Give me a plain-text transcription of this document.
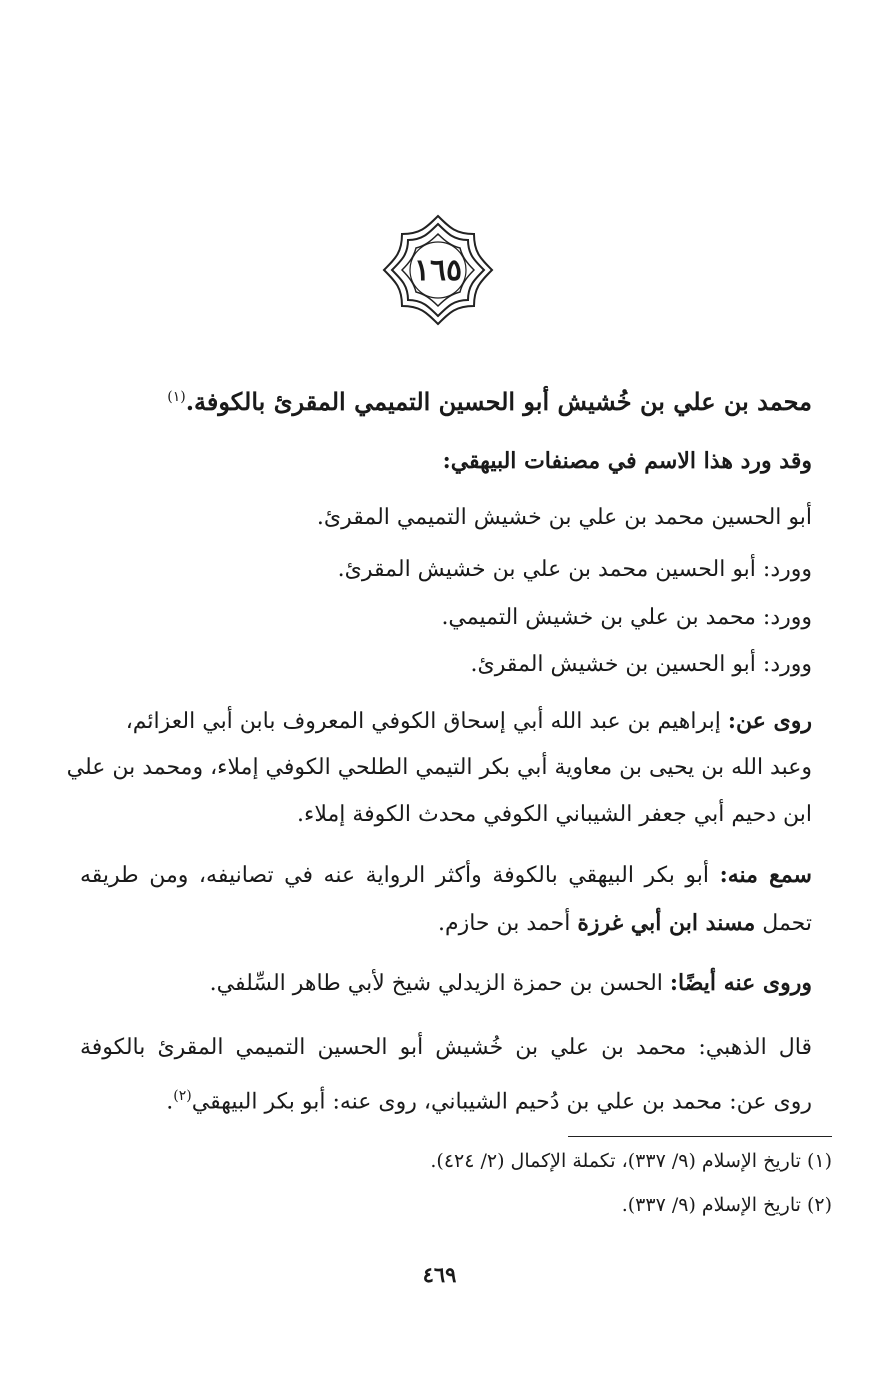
١٦٥
محمد بن علي بن خُشيش أبو الحسين التميمي المقرئ بالكوفة.$^{(١)}$
وقد ورد هذا الاسم في مصنفات البيهقي:
أبو الحسين محمد بن علي بن خشيش التميمي المقرئ.
وورد: أبو الحسين محمد بن علي بن خشيش المقرئ.
وورد: محمد بن علي بن خشيش التميمي.
وورد: أبو الحسين بن خشيش المقرئ.
روى عن: إبراهيم بن عبد الله أبي إسحاق الكوفي المعروف بابن أبي العزائم،
وعبد الله بن يحيى بن معاوية أبي بكر التيمي الطلحي الكوفي إملاء، ومحمد بن علي
ابن دحيم أبي جعفر الشيباني الكوفي محدث الكوفة إملاء.
سمع منه: أبو بكر البيهقي بالكوفة وأكثر الرواية عنه في تصانيفه، ومن طريقه
تحمل مسند ابن أبي غرزة أحمد بن حازم.
وروى عنه أيضًا: الحسن بن حمزة الزيدلي شيخ لأبي طاهر السِّلفي.
قال الذهبي: محمد بن علي بن خُشيش أبو الحسين التميمي المقرئ بالكوفة
روى عن: محمد بن علي بن دُحيم الشيباني، روى عنه: أبو بكر البيهقي$^{(٢)}$.
(١) تاريخ الإسلام (٩/ ٣٣٧)، تكملة الإكمال (٢/ ٤٢٤).
(٢) تاريخ الإسلام (٩/ ٣٣٧).
٤٦٩
